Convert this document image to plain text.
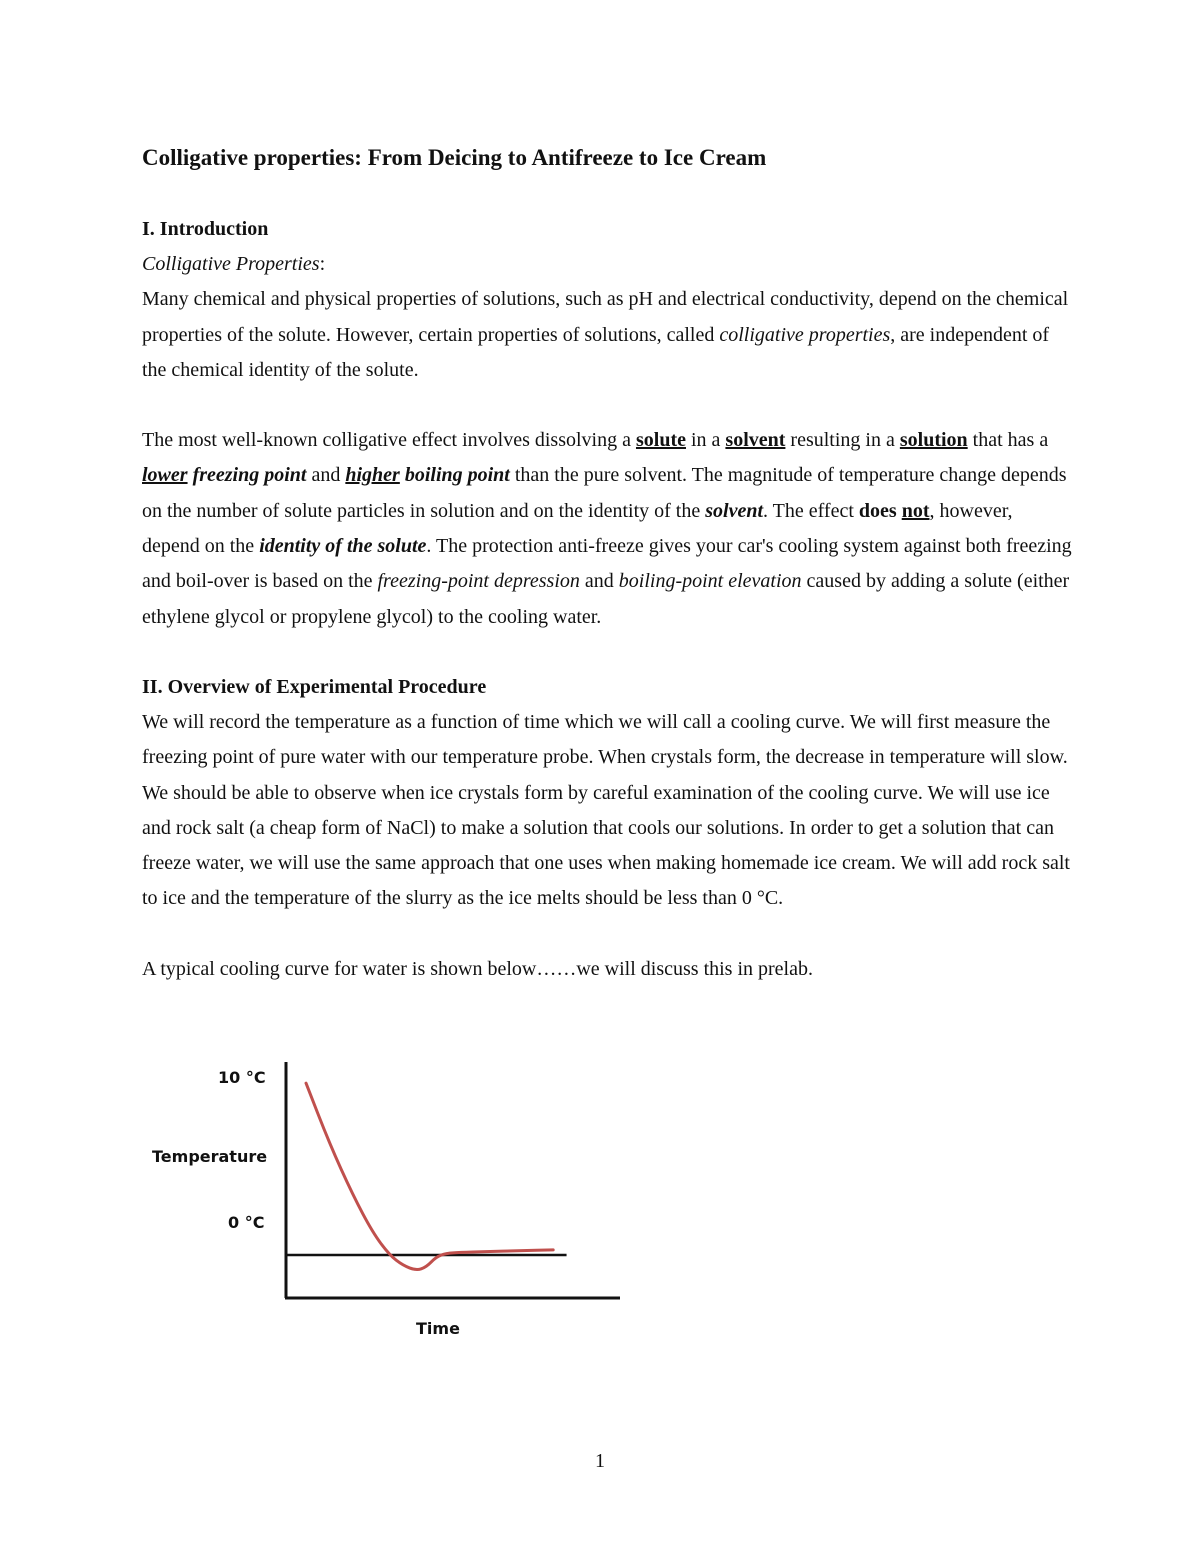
Colligative properties: From Deicing to Antifreeze to Ice Cream
I. Introduction

Colligative Properties:

Many chemical and physical properties of solutions, such as pH and electrical conductivity, depend on the chemical properties of the solute. However, certain properties of solutions, called colligative properties, are independent of the chemical identity of the solute.

The most well-known colligative effect involves dissolving a solute in a solvent resulting in a solution that has a lower freezing point and higher boiling point than the pure solvent. The magnitude of temperature change depends on the number of solute particles in solution and on the identity of the solvent. The effect does not, however, depend on the identity of the solute. The protection anti-freeze gives your car's cooling system against both freezing and boil-over is based on the freezing-point depression and boiling-point elevation caused by adding a solute (either ethylene glycol or propylene glycol) to the cooling water.

II. Overview of Experimental Procedure

We will record the temperature as a function of time which we will call a cooling curve. We will first measure the freezing point of pure water with our temperature probe. When crystals form, the decrease in temperature will slow. We should be able to observe when ice crystals form by careful examination of the cooling curve. We will use ice and rock salt (a cheap form of NaCl) to make a solution that cools our solutions. In order to get a solution that can freeze water, we will use the same approach that one uses when making homemade ice cream. We will add rock salt to ice and the temperature of the slurry as the ice melts should be less than 0 °C.

A typical cooling curve for water is shown below……we will discuss this in prelab.

10 °C
Temperature
0 °C
Time
1
